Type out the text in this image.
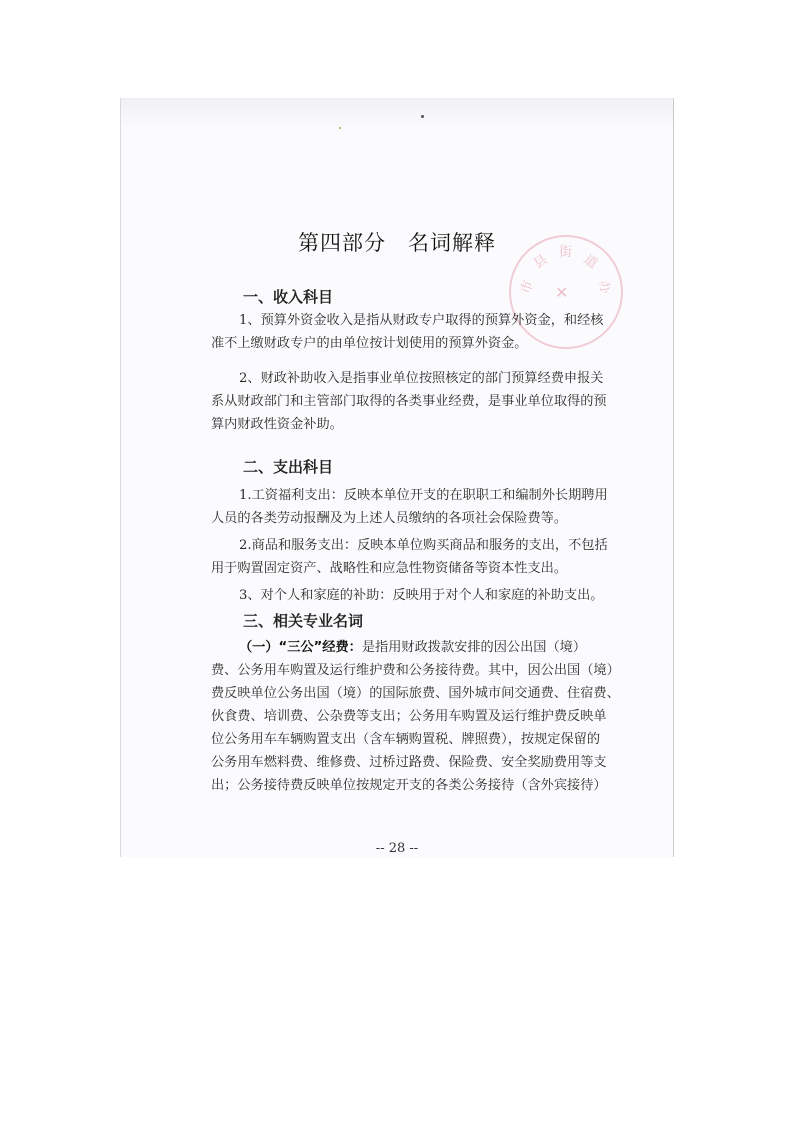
市
县 街 道
办
✕
第四部分　名词解释
一、收入科目
1、预算外资金收入是指从财政专户取得的预算外资金，和经核
准不上缴财政专户的由单位按计划使用的预算外资金。
2、财政补助收入是指事业单位按照核定的部门预算经费申报关
系从财政部门和主管部门取得的各类事业经费，是事业单位取得的预
算内财政性资金补助。
二、支出科目
1.工资福利支出：反映本单位开支的在职职工和编制外长期聘用
人员的各类劳动报酬及为上述人员缴纳的各项社会保险费等。
2.商品和服务支出：反映本单位购买商品和服务的支出，不包括
用于购置固定资产、战略性和应急性物资储备等资本性支出。
3、对个人和家庭的补助：反映用于对个人和家庭的补助支出。
三、相关专业名词
（一）“三公”经费：是指用财政拨款安排的因公出国（境）
费、公务用车购置及运行维护费和公务接待费。其中，因公出国（境）
费反映单位公务出国（境）的国际旅费、国外城市间交通费、住宿费、
伙食费、培训费、公杂费等支出；公务用车购置及运行维护费反映单
位公务用车车辆购置支出（含车辆购置税、牌照费），按规定保留的
公务用车燃料费、维修费、过桥过路费、保险费、安全奖励费用等支
出；公务接待费反映单位按规定开支的各类公务接待（含外宾接待）
-- 28 --
